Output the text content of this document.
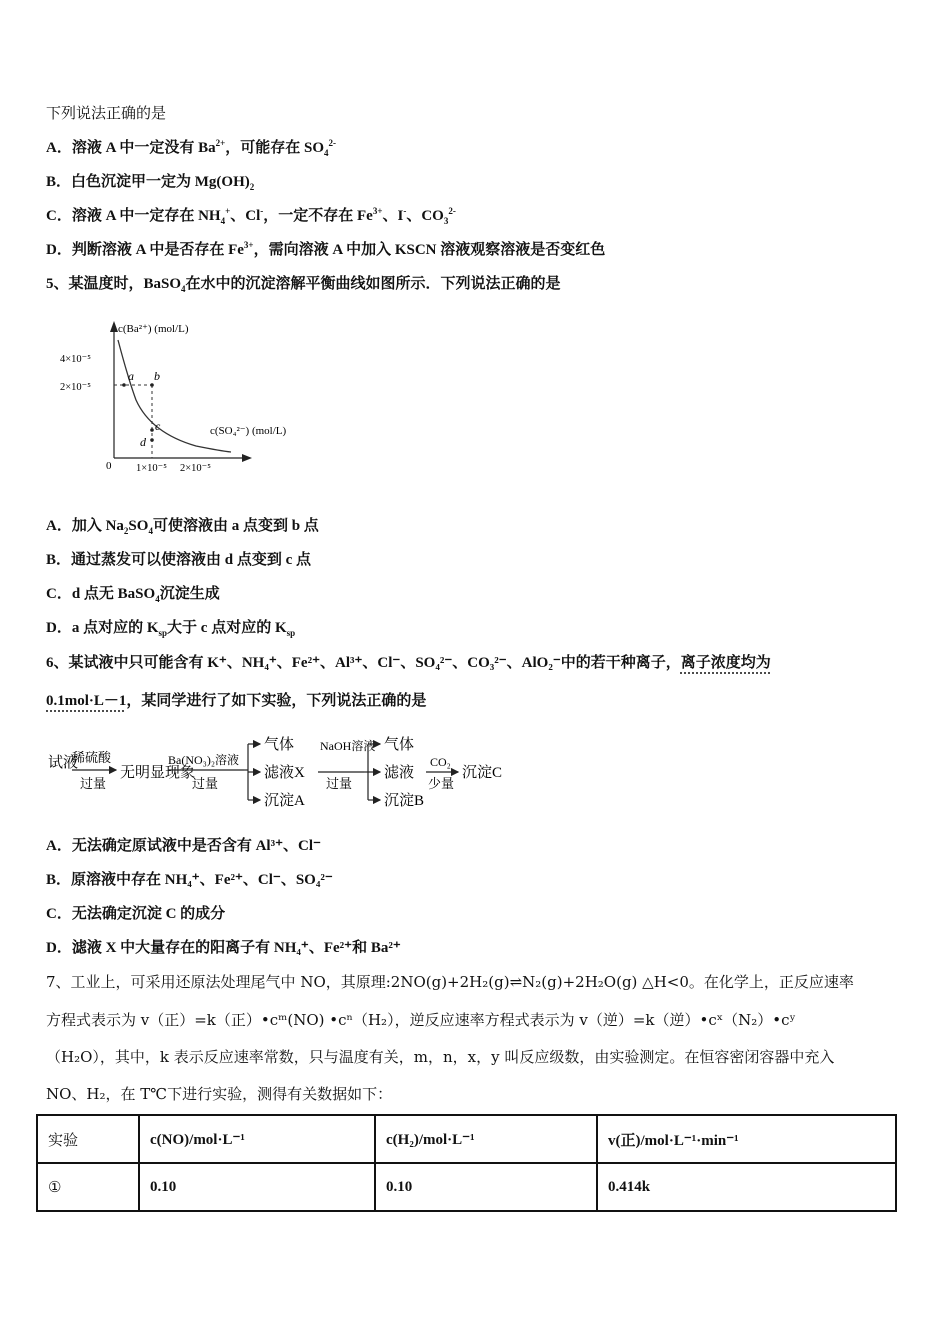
下列说法正确的是
A．溶液 A 中一定没有 $Ba^{2+}$，可能存在 $SO_4^{2-}$
B．白色沉淀甲一定为 $Mg(OH)_2$
C．溶液 A 中一定存在 $NH_4^+$、Cl-，一定不存在 $Fe^{3+}$、I-、$CO_3^{2-}$
D．判断溶液 A 中是否存在 $Fe^{3+}$，需向溶液 A 中加入 KSCN 溶液观察溶液是否变红色
5、某温度时，BaSO$_4$在水中的沉淀溶解平衡曲线如图所示．下列说法正确的是
a b
c
d
c(Ba²⁺) (mol/L)
c(SO₄²⁻) (mol/L)
4×10⁻⁵
2×10⁻⁵
0 1×10⁻⁵ 2×10⁻⁵
A．加入 $Na_2SO_4$可使溶液由 a 点变到 b 点
B．通过蒸发可以使溶液由 d 点变到 c 点
C．d 点无 BaSO$_4$沉淀生成
D．a 点对应的 $K_{sp}$大于 c 点对应的 $K_{sp}$
6、某试液中只可能含有 K⁺、NH₄⁺、Fe²⁺、Al³⁺、Cl⁻、SO₄²⁻、CO₃²⁻、AlO₂⁻中的若干种离子，离子浓度均为
0.1mol·L－1，某同学进行了如下实验，下列说法正确的是
试液
稀硫酸
过量
无明显现象
Ba(NO₃)₂溶液
过量
气体
滤液X
沉淀A
NaOH溶液
过量
气体
滤液
沉淀B
CO₂
少量
沉淀C
A．无法确定原试液中是否含有 Al³⁺、Cl⁻
B．原溶液中存在 NH₄⁺、Fe²⁺、Cl⁻、SO₄²⁻
C．无法确定沉淀 C 的成分
D．滤液 X 中大量存在的阳离子有 NH₄⁺、Fe²⁺和 Ba²⁺
7、工业上，可采用还原法处理尾气中 NO，其原理:2NO(g)+2H₂(g)⇌N₂(g)+2H₂O(g) △H<0。在化学上，正反应速率
方程式表示为 v（正）=k（正）•cᵐ(NO) •cⁿ（H₂），逆反应速率方程式表示为 v（逆）=k（逆）•cˣ（N₂）•cʸ
（H₂O），其中，k 表示反应速率常数，只与温度有关，m，n，x，y 叫反应级数，由实验测定。在恒容密闭容器中充入
NO、H₂，在 T℃下进行实验，测得有关数据如下：
实验	c(NO)/mol·L⁻¹	c(H₂)/mol·L⁻¹	v(正)/mol·L⁻¹·min⁻¹
①	0.10	0.10	0.414k
